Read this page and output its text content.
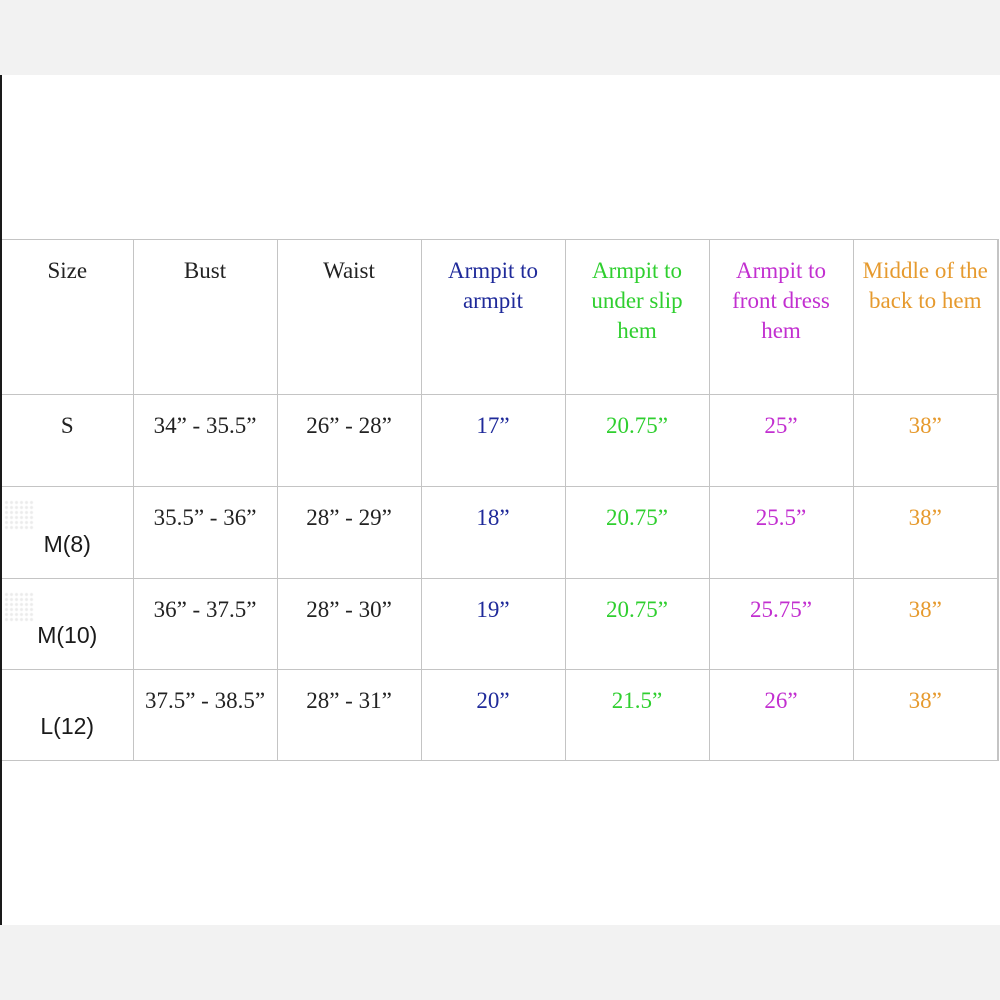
Size	Bust	Waist	Armpit to armpit	Armpit to under slip hem	Armpit to front dress hem	Middle of the back to hem
S	34” - 35.5”	26” - 28”	17”	20.75”	25”	38”
M(8)	35.5” - 36”	28” - 29”	18”	20.75”	25.5”	38”
M(10)	36” - 37.5”	28” - 30”	19”	20.75”	25.75”	38”
L(12)	37.5” - 38.5”	28” - 31”	20”	21.5”	26”	38”
